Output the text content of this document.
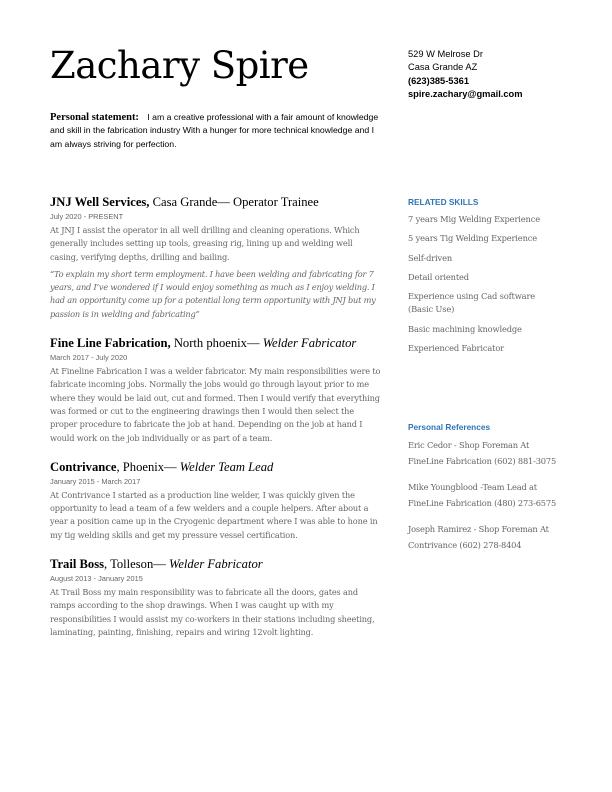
Zachary Spire	529 W Melrose Dr
Casa Grande AZ
(623)385-5361
spire.zachary@gmail.com
Personal statement: I am a creative professional with a fair amount of knowledge and skill in the fabrication industry With a hunger for more technical knowledge and I am always striving for perfection.
JNJ Well Services, Casa Grande— Operator Trainee
July 2020 - PRESENT

At JNJ I assist the operator in all well drilling and cleaning operations. Which generally includes setting up tools, greasing rig, lining up and welding well casing, verifying depths, drilling and bailing.

“To explain my short term employment. I have been welding and fabricating for 7 years, and I’ve wondered if I would enjoy something as much as I enjoy welding. I had an opportunity come up for a potential long term opportunity with JNJ but my passion is in welding and fabricating”

Fine Line Fabrication, North phoenix— Welder Fabricator
March 2017 - July 2020

At Fineline Fabrication I was a welder fabricator. My main responsibilities were to fabricate incoming jobs. Normally the jobs would go through layout prior to me where they would be laid out, cut and formed. Then I would verify that everything was formed or cut to the engineering drawings then I would then select the proper procedure to fabricate the job at hand. Depending on the job at hand I would work on the job individually or as part of a team.

Contrivance, Phoenix— Welder Team Lead
January 2015 - March 2017

At Contrivance I started as a production line welder, I was quickly given the opportunity to lead a team of a few welders and a couple helpers. After about a year a position came up in the Cryogenic department where I was able to hone in my tig welding skills and get my pressure vessel certification.

Trail Boss, Tolleson— Welder Fabricator
August 2013 - January 2015

At Trail Boss my main responsibility was to fabricate all the doors, gates and ramps according to the shop drawings. When I was caught up with my responsibilities I would assist my co-workers in their stations including sheeting, laminating, painting, finishing, repairs and wiring 12volt lighting.

RELATED SKILLS
7 years Mig Welding Experience
5 years Tig Welding Experience
Self-driven
Detail oriented
Experience using Cad software (Basic Use)
Basic machining knowledge
Experienced Fabricator
Personal References
Eric Cedor - Shop Foreman At FineLine Fabrication (602) 881-3075
Mike Youngblood -Team Lead at FineLine Fabrication (480) 273-6575
Joseph Ramirez - Shop Foreman At Contrivance (602) 278-8404
